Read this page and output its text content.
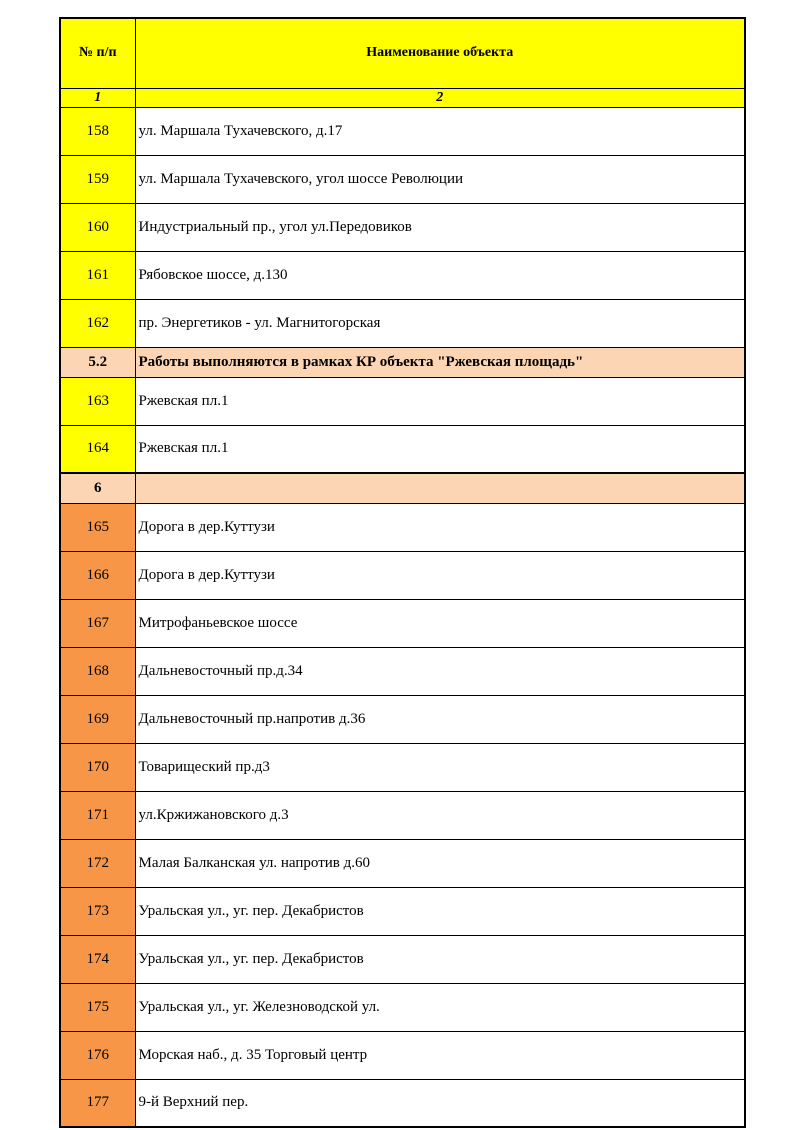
№ п/п	Наименование объекта
1	2
158	ул. Маршала Тухачевского, д.17
159	ул. Маршала Тухачевского, угол шоссе Революции
160	Индустриальный пр., угол ул.Передовиков
161	Рябовское шоссе, д.130
162	пр. Энергетиков - ул. Магнитогорская
5.2	Работы выполняются в рамках КР объекта "Ржевская площадь"
163	Ржевская пл.1
164	Ржевская пл.1
6	
165	Дорога в дер.Куттузи
166	Дорога в дер.Куттузи
167	Митрофаньевское шоссе
168	Дальневосточный пр.д.34
169	Дальневосточный пр.напротив д.36
170	Товарищеский пр.д3
171	ул.Кржижановского д.3
172	Малая Балканская ул. напротив д.60
173	Уральская ул., уг. пер. Декабристов
174	Уральская ул., уг. пер. Декабристов
175	Уральская ул., уг. Железноводской ул.
176	Морская наб., д. 35 Торговый центр
177	9-й Верхний пер.
